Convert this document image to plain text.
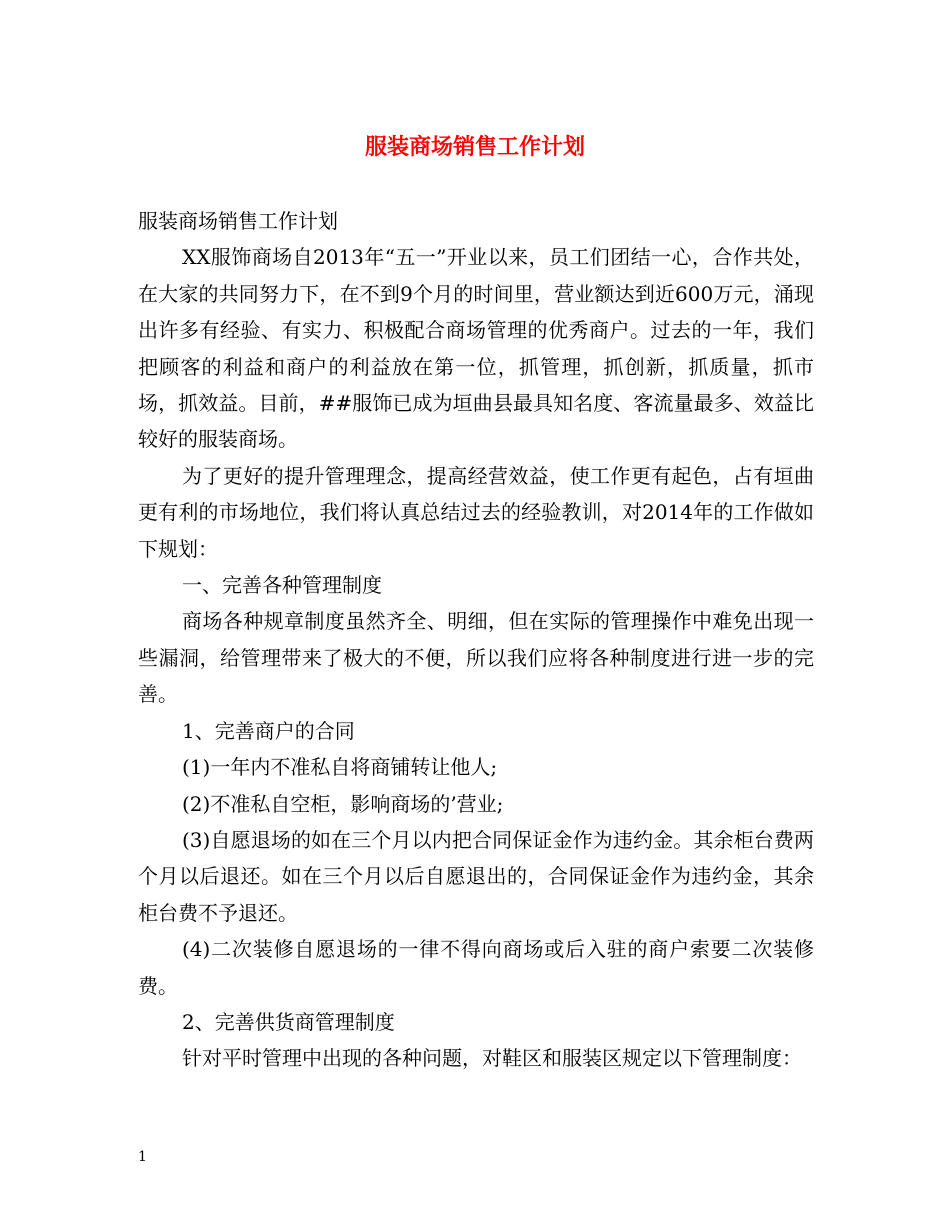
服装商场销售工作计划

服装商场销售工作计划

XX服饰商场自2013年“五一”开业以来，员工们团结一心，合作共处，在大家的共同努力下，在不到9个月的时间里，营业额达到近600万元，涌现出许多有经验、有实力、积极配合商场管理的优秀商户。过去的一年，我们把顾客的利益和商户的利益放在第一位，抓管理，抓创新，抓质量，抓市场，抓效益。目前，##服饰已成为垣曲县最具知名度、客流量最多、效益比较好的服装商场。

为了更好的提升管理理念，提高经营效益，使工作更有起色，占有垣曲更有利的市场地位，我们将认真总结过去的经验教训，对2014年的工作做如下规划：

一、完善各种管理制度

商场各种规章制度虽然齐全、明细，但在实际的管理操作中难免出现一些漏洞，给管理带来了极大的不便，所以我们应将各种制度进行进一步的完善。

1、完善商户的合同

(1)一年内不准私自将商铺转让他人;

(2)不准私自空柜，影响商场的’营业;

(3)自愿退场的如在三个月以内把合同保证金作为违约金。其余柜台费两个月以后退还。如在三个月以后自愿退出的，合同保证金作为违约金，其余柜台费不予退还。

(4)二次装修自愿退场的一律不得向商场或后入驻的商户索要二次装修费。

2、完善供货商管理制度

针对平时管理中出现的各种问题，对鞋区和服装区规定以下管理制度：

1
